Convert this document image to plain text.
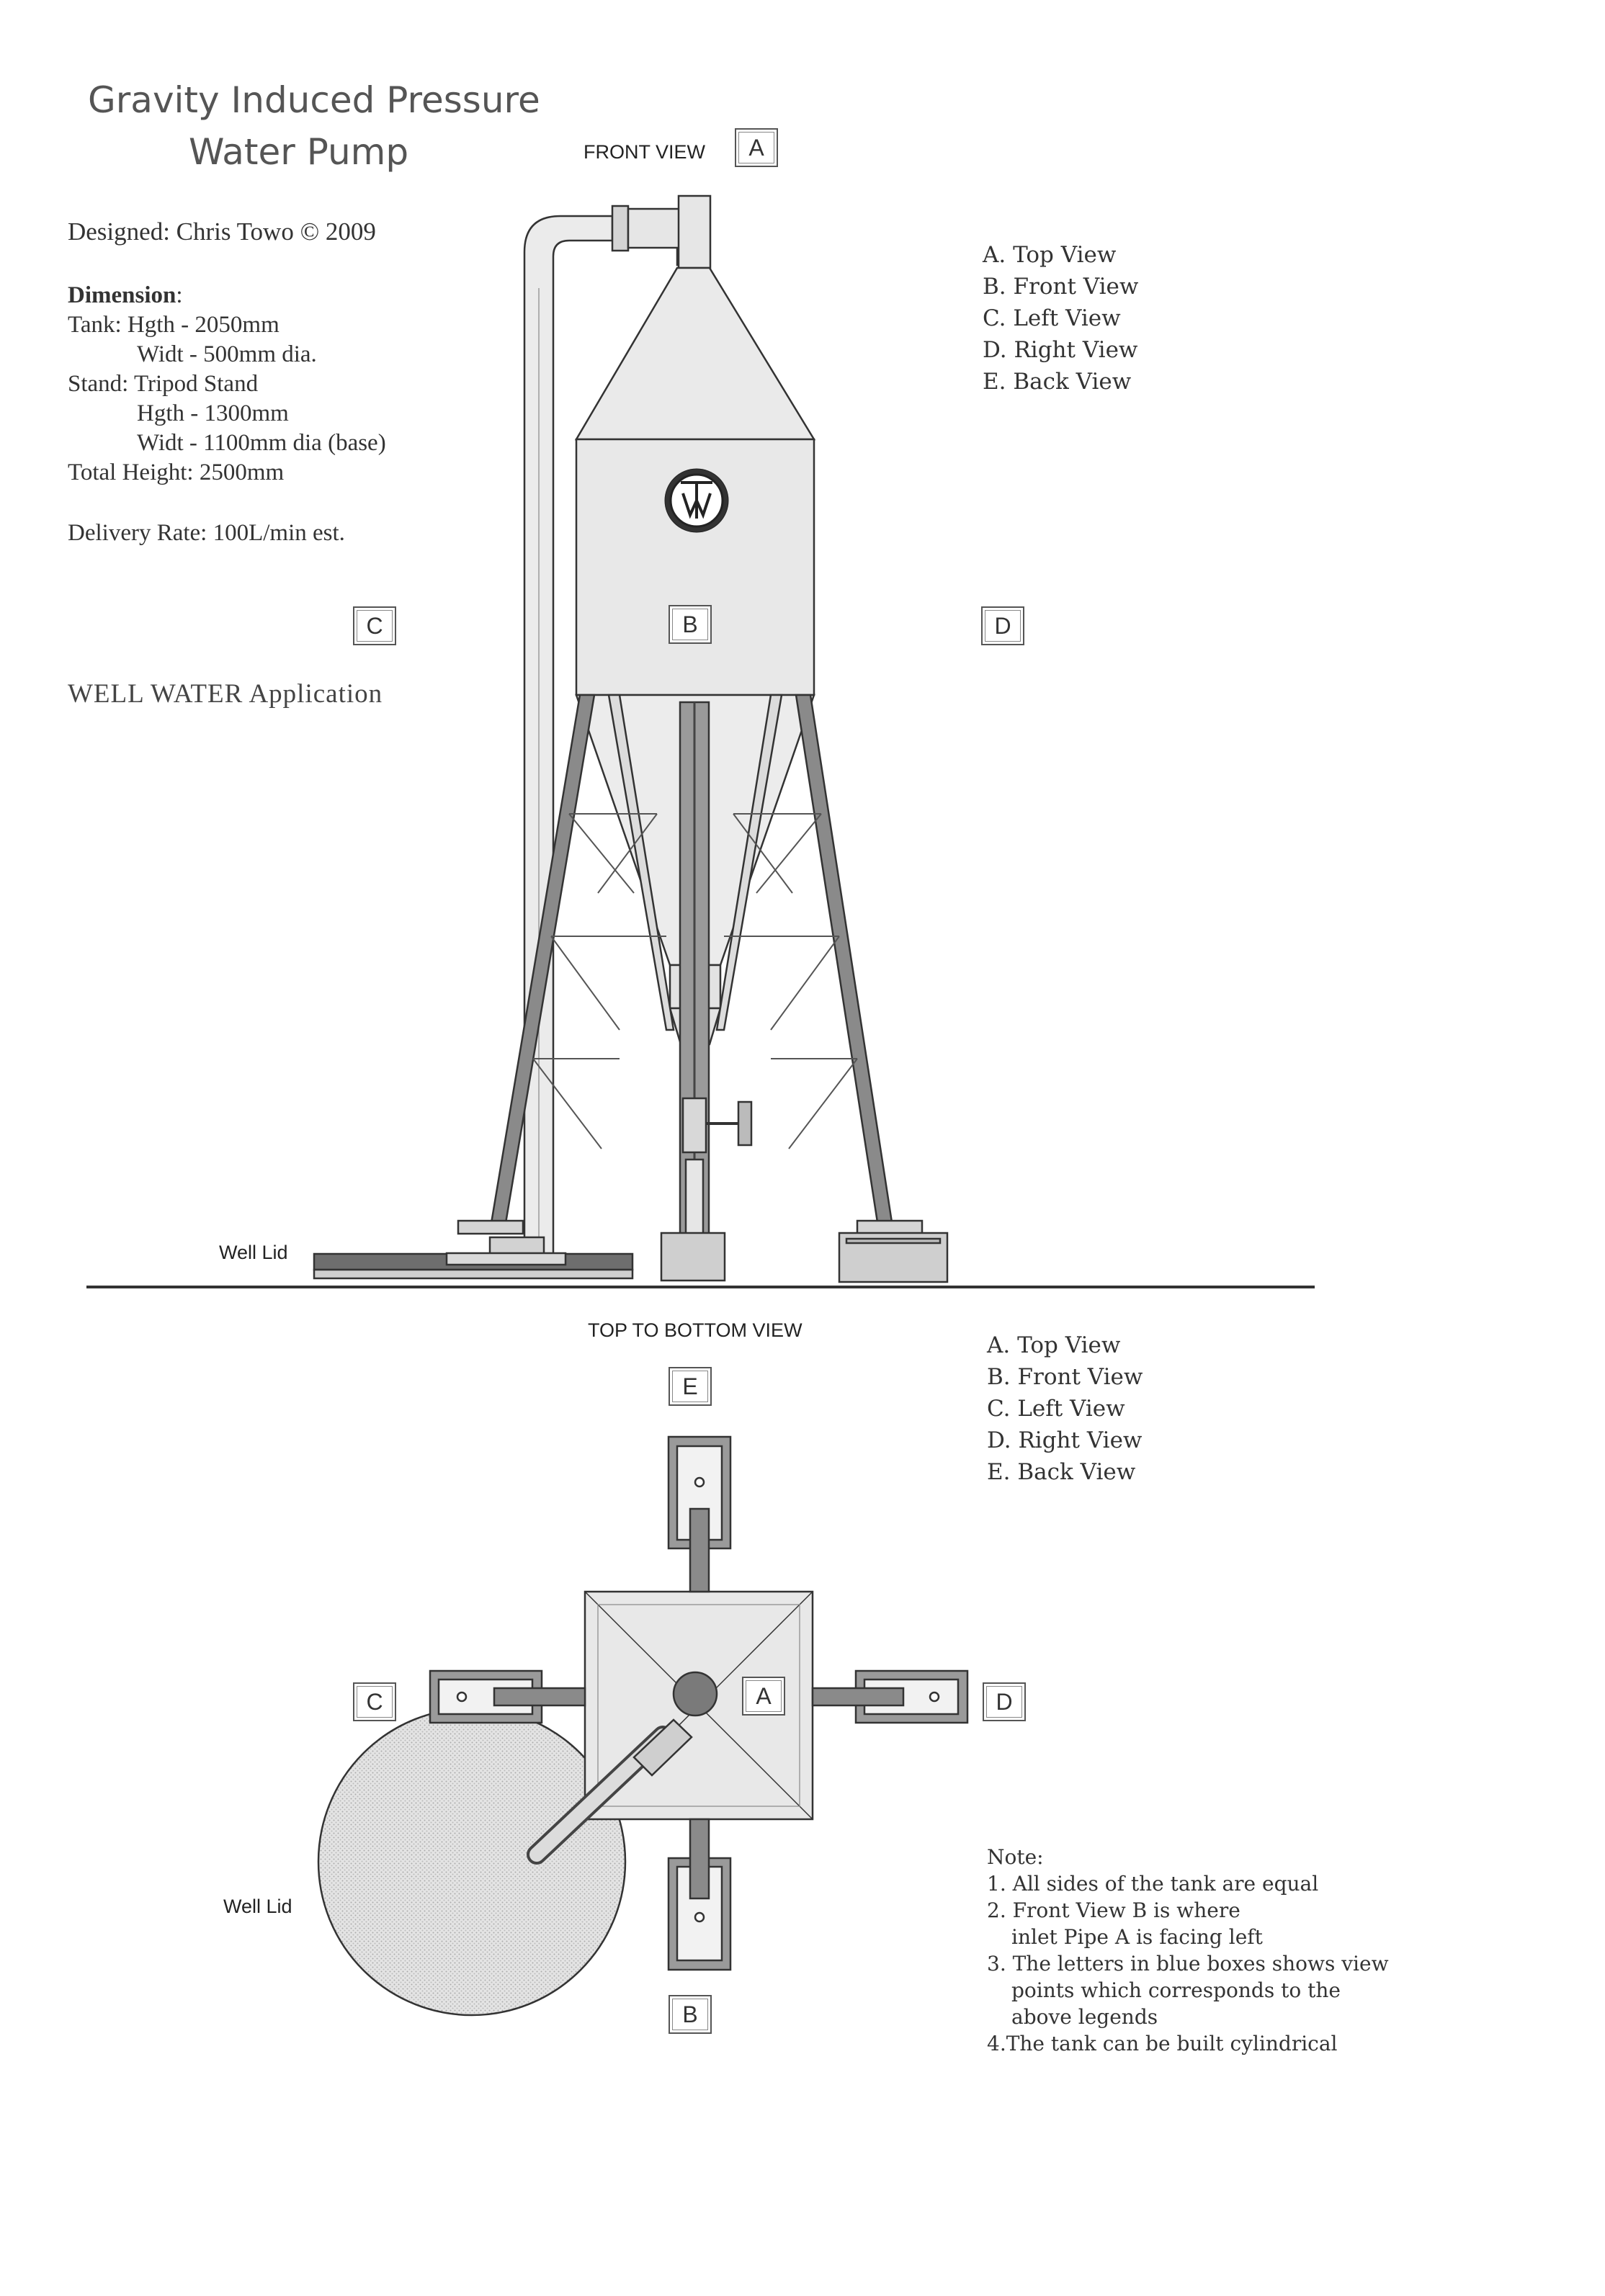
Gravity Induced Pressure
Water Pump
Designed: Chris Towo © 2009
Dimension:
Tank: Hgth - 2050mm
Widt - 500mm dia.
Stand: Tripod Stand
Hgth - 1300mm
Widt - 1100mm dia (base)
Total Height: 2500mm
Delivery Rate: 100L/min est.
WELL WATER Application
FRONT VIEW	A
B
C	D
Well Lid
A. Top View
B. Front View
C. Left View
D. Right View
E. Back View
TOP TO BOTTOM VIEW
E
A
C	D
B
Well Lid
A. Top View
B. Front View
C. Left View
D. Right View
E. Back View
Note:
1. All sides of the tank are equal
2. Front View B is where
inlet Pipe A is facing left
3. The letters in blue boxes shows view
points which corresponds to the
above legends
4.The tank can be built cylindrical
